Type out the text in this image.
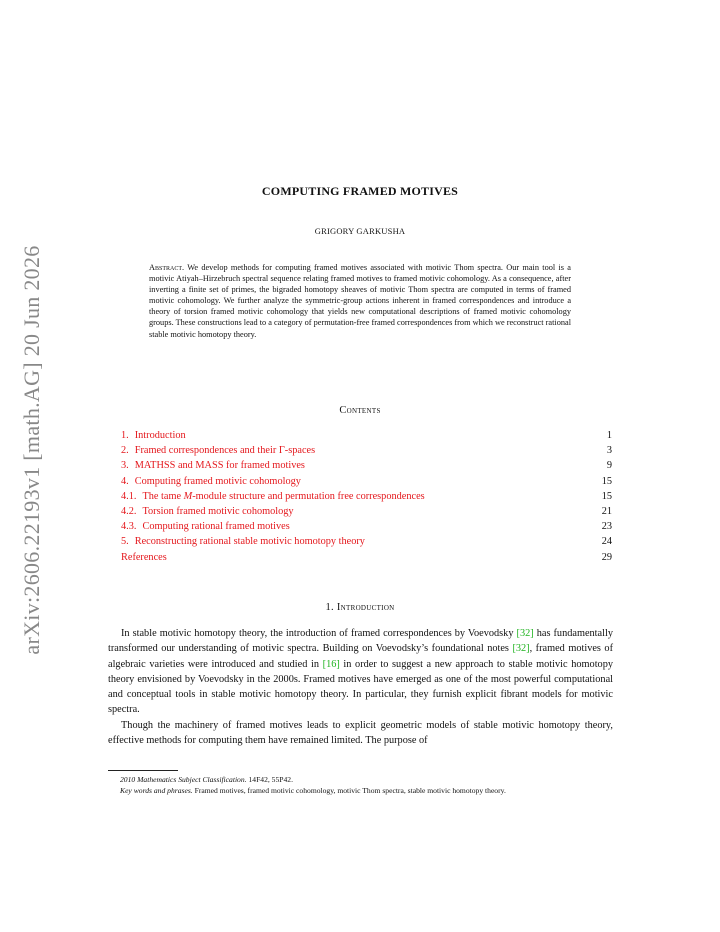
arXiv:2606.22193v1 [math.AG] 20 Jun 2026
COMPUTING FRAMED MOTIVES
GRIGORY GARKUSHA
Abstract. We develop methods for computing framed motives associated with motivic Thom spectra. Our main tool is a motivic Atiyah–Hirzebruch spectral sequence relating framed motives to framed motivic cohomology. As a consequence, after inverting a finite set of primes, the bigraded homotopy sheaves of motivic Thom spectra are computed in terms of framed motivic cohomology. We further analyze the symmetric-group actions inherent in framed correspondences and introduce a theory of torsion framed motivic cohomology that yields new computational descriptions of framed motivic cohomology groups. These constructions lead to a category of permutation-free framed correspondences from which we reconstruct rational stable motivic homotopy theory.
Contents
1. Introduction	1
2. Framed correspondences and their Γ-spaces	3
3. MATHSS and MASS for framed motives	9
4. Computing framed motivic cohomology	15
4.1. The tame M-module structure and permutation free correspondences	15
4.2. Torsion framed motivic cohomology	21
4.3. Computing rational framed motives	23
5. Reconstructing rational stable motivic homotopy theory	24
References	29
1. Introduction

In stable motivic homotopy theory, the introduction of framed correspondences by Voevodsky [32] has fundamentally transformed our understanding of motivic spectra. Building on Voevodsky’s foundational notes [32], framed motives of algebraic varieties were introduced and studied in [16] in order to suggest a new approach to stable motivic homotopy theory envisioned by Voevodsky in the 2000s. Framed motives have emerged as one of the most powerful computational and conceptual tools in stable motivic homotopy theory. In particular, they furnish explicit fibrant models for motivic spectra.

Though the machinery of framed motives leads to explicit geometric models of stable motivic homotopy theory, effective methods for computing them have remained limited. The purpose of

2010 Mathematics Subject Classification. 14F42, 55P42.

Key words and phrases. Framed motives, framed motivic cohomology, motivic Thom spectra, stable motivic homotopy theory.
